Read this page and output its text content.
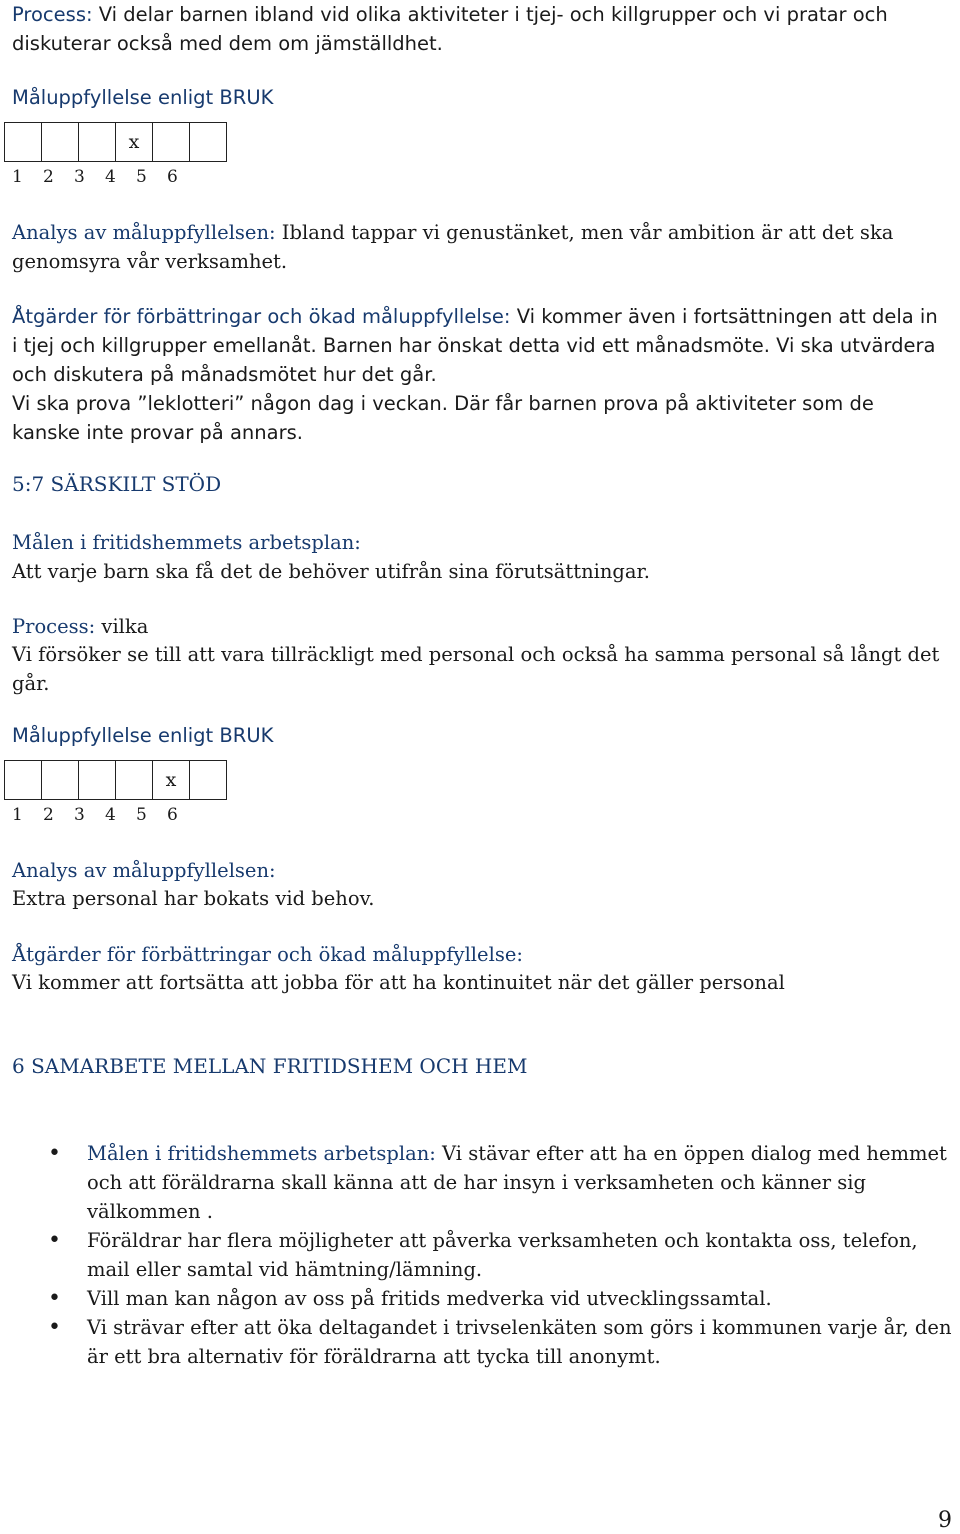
Process: Vi delar barnen ibland vid olika aktiviteter i tjej- och killgrupper och vi pratar och diskuterar också med dem om jämställdhet.

Måluppfyllelse enligt BRUK

			x		
1	2	3	4	5	6

Analys av måluppfyllelsen: Ibland tappar vi genustänket, men vår ambition är att det ska genomsyra vår verksamhet.

Åtgärder för förbättringar och ökad måluppfyllelse: Vi kommer även i fortsättningen att dela in i tjej och killgrupper emellanåt. Barnen har önskat detta vid ett månadsmöte. Vi ska utvärdera och diskutera på månadsmötet hur det går.

Vi ska prova ”leklotteri” någon dag i veckan. Där får barnen prova på aktiviteter som de kanske inte provar på annars.

5:7 SÄRSKILT STÖD

Målen i fritidshemmets arbetsplan:

Att varje barn ska få det de behöver utifrån sina förutsättningar.

Process: vilka

Vi försöker se till att vara tillräckligt med personal och också ha samma personal så långt det går.

Måluppfyllelse enligt BRUK

				x	
1	2	3	4	5	6

Analys av måluppfyllelsen:

Extra personal har bokats vid behov.

Åtgärder för förbättringar och ökad måluppfyllelse:

Vi kommer att fortsätta att jobba för att ha kontinuitet när det gäller personal

6 SAMARBETE MELLAN FRITIDSHEM OCH HEM

• Målen i fritidshemmets arbetsplan: Vi stävar efter att ha en öppen dialog med hemmet och att föräldrarna skall känna att de har insyn i verksamheten och känner sig välkommen .
• Föräldrar har flera möjligheter att påverka verksamheten och kontakta oss, telefon, mail eller samtal vid hämtning/lämning.
• Vill man kan någon av oss på fritids medverka vid utvecklingssamtal.
• Vi strävar efter att öka deltagandet i trivselenkäten som görs i kommunen varje år, den är ett bra alternativ för föräldrarna att tycka till anonymt.
9
